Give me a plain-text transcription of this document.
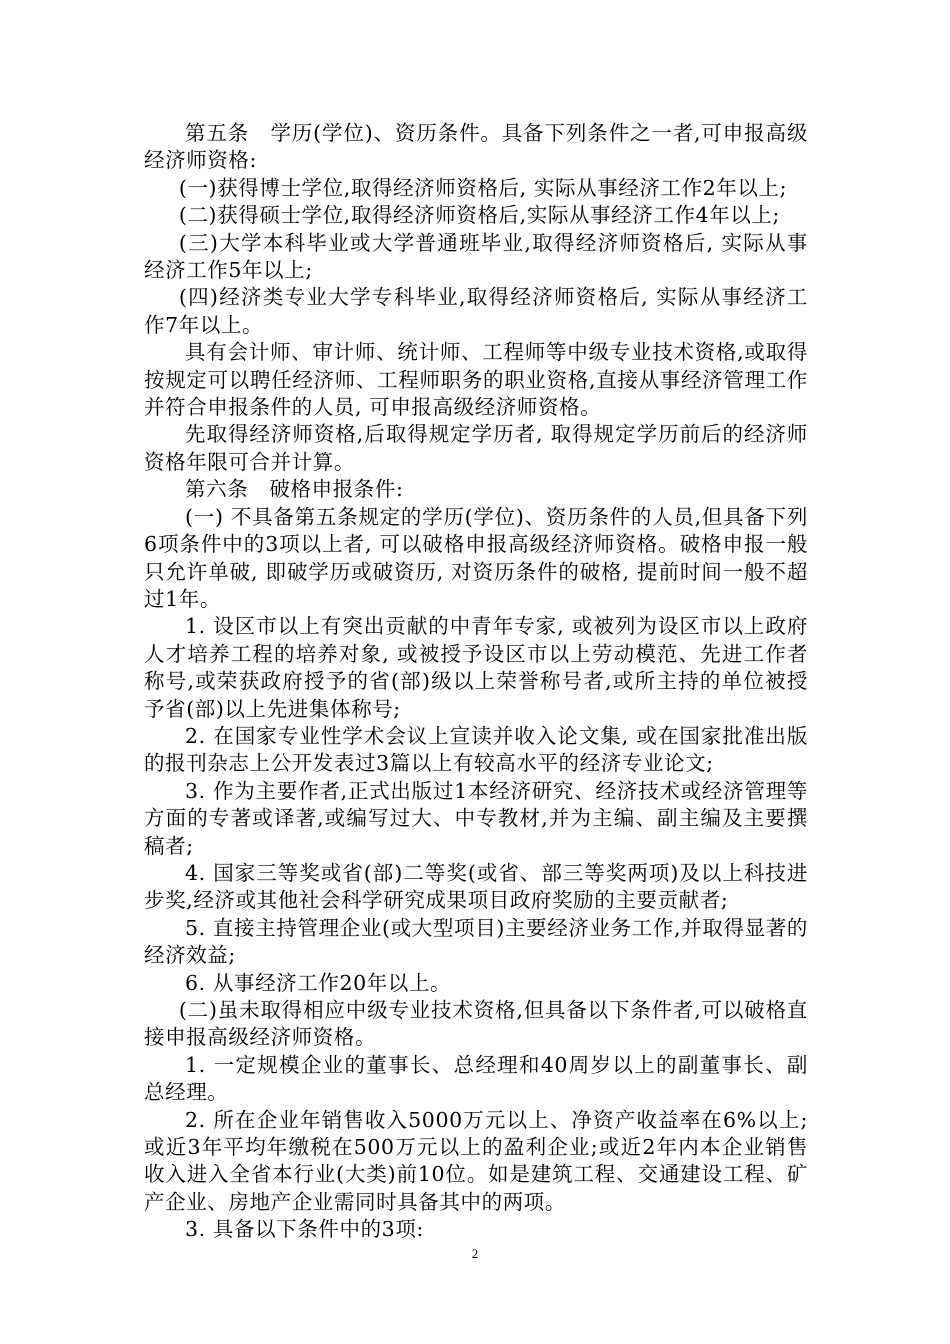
第五条　学历(学位)、资历条件。具备下列条件之一者,可申报高级经济师资格:

(一)获得博士学位,取得经济师资格后, 实际从事经济工作2年以上;

(二)获得硕士学位,取得经济师资格后,实际从事经济工作4年以上;

(三)大学本科毕业或大学普通班毕业,取得经济师资格后, 实际从事经济工作5年以上;

(四)经济类专业大学专科毕业,取得经济师资格后, 实际从事经济工作7年以上。

具有会计师、审计师、统计师、工程师等中级专业技术资格,或取得按规定可以聘任经济师、工程师职务的职业资格,直接从事经济管理工作并符合申报条件的人员, 可申报高级经济师资格。

先取得经济师资格,后取得规定学历者, 取得规定学历前后的经济师资格年限可合并计算。

第六条　破格申报条件:

(一) 不具备第五条规定的学历(学位)、资历条件的人员,但具备下列6项条件中的3项以上者, 可以破格申报高级经济师资格。破格申报一般只允许单破, 即破学历或破资历, 对资历条件的破格, 提前时间一般不超过1年。

1. 设区市以上有突出贡献的中青年专家, 或被列为设区市以上政府人才培养工程的培养对象, 或被授予设区市以上劳动模范、先进工作者称号,或荣获政府授予的省(部)级以上荣誉称号者,或所主持的单位被授予省(部)以上先进集体称号;

2. 在国家专业性学术会议上宣读并收入论文集, 或在国家批准出版的报刊杂志上公开发表过3篇以上有较高水平的经济专业论文;

3. 作为主要作者,正式出版过1本经济研究、经济技术或经济管理等方面的专著或译著,或编写过大、中专教材,并为主编、副主编及主要撰稿者;

4. 国家三等奖或省(部)二等奖(或省、部三等奖两项)及以上科技进步奖,经济或其他社会科学研究成果项目政府奖励的主要贡献者;

5. 直接主持管理企业(或大型项目)主要经济业务工作,并取得显著的经济效益;

6. 从事经济工作20年以上。

(二)虽未取得相应中级专业技术资格,但具备以下条件者,可以破格直接申报高级经济师资格。

1. 一定规模企业的董事长、总经理和40周岁以上的副董事长、副总经理。

2. 所在企业年销售收入5000万元以上、净资产收益率在6%以上;或近3年平均年缴税在500万元以上的盈利企业;或近2年内本企业销售收入进入全省本行业(大类)前10位。如是建筑工程、交通建设工程、矿产企业、房地产企业需同时具备其中的两项。

3. 具备以下条件中的3项:

2
